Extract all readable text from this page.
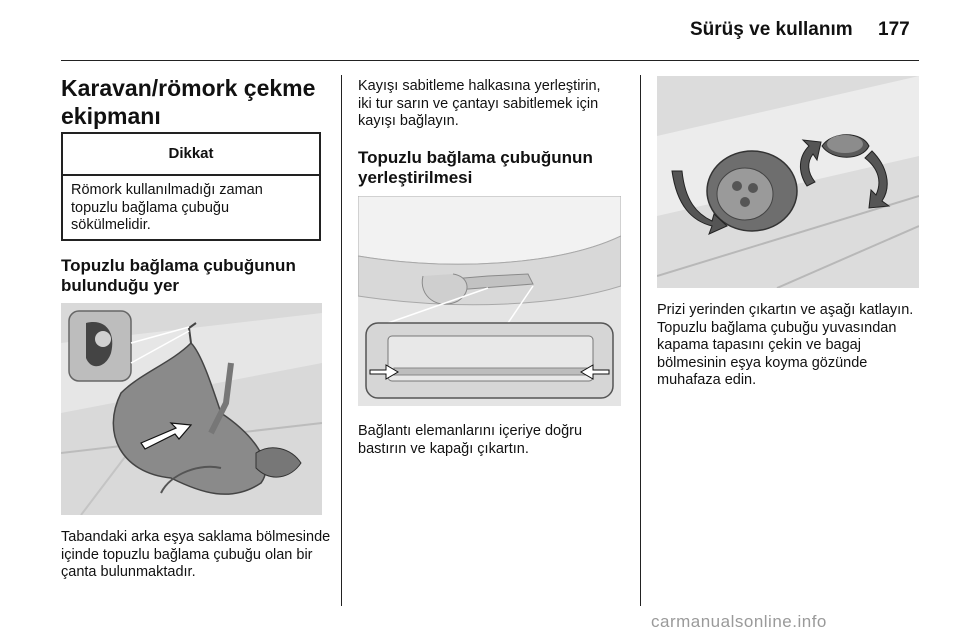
Sürüş ve kullanım 177
Karavan/römork çekme ekipmanı
Dikkat
Römork kullanılmadığı zaman topuzlu bağlama çubuğu sökülmelidir.
Topuzlu bağlama çubuğunun bulunduğu yer

Tabandaki arka eşya saklama bölmesinde içinde topuzlu bağlama çubuğu olan bir çanta bulunmaktadır.

Kayışı sabitleme halkasına yerleştirin, iki tur sarın ve çantayı sabitlemek için kayışı bağlayın.

Topuzlu bağlama çubuğunun yerleştirilmesi

Bağlantı elemanlarını içeriye doğru bastırın ve kapağı çıkartın.

Prizi yerinden çıkartın ve aşağı katlayın. Topuzlu bağlama çubuğu yuvasından kapama tapasını çekin ve bagaj bölmesinin eşya koyma gözünde muhafaza edin.

carmanualsonline.info
